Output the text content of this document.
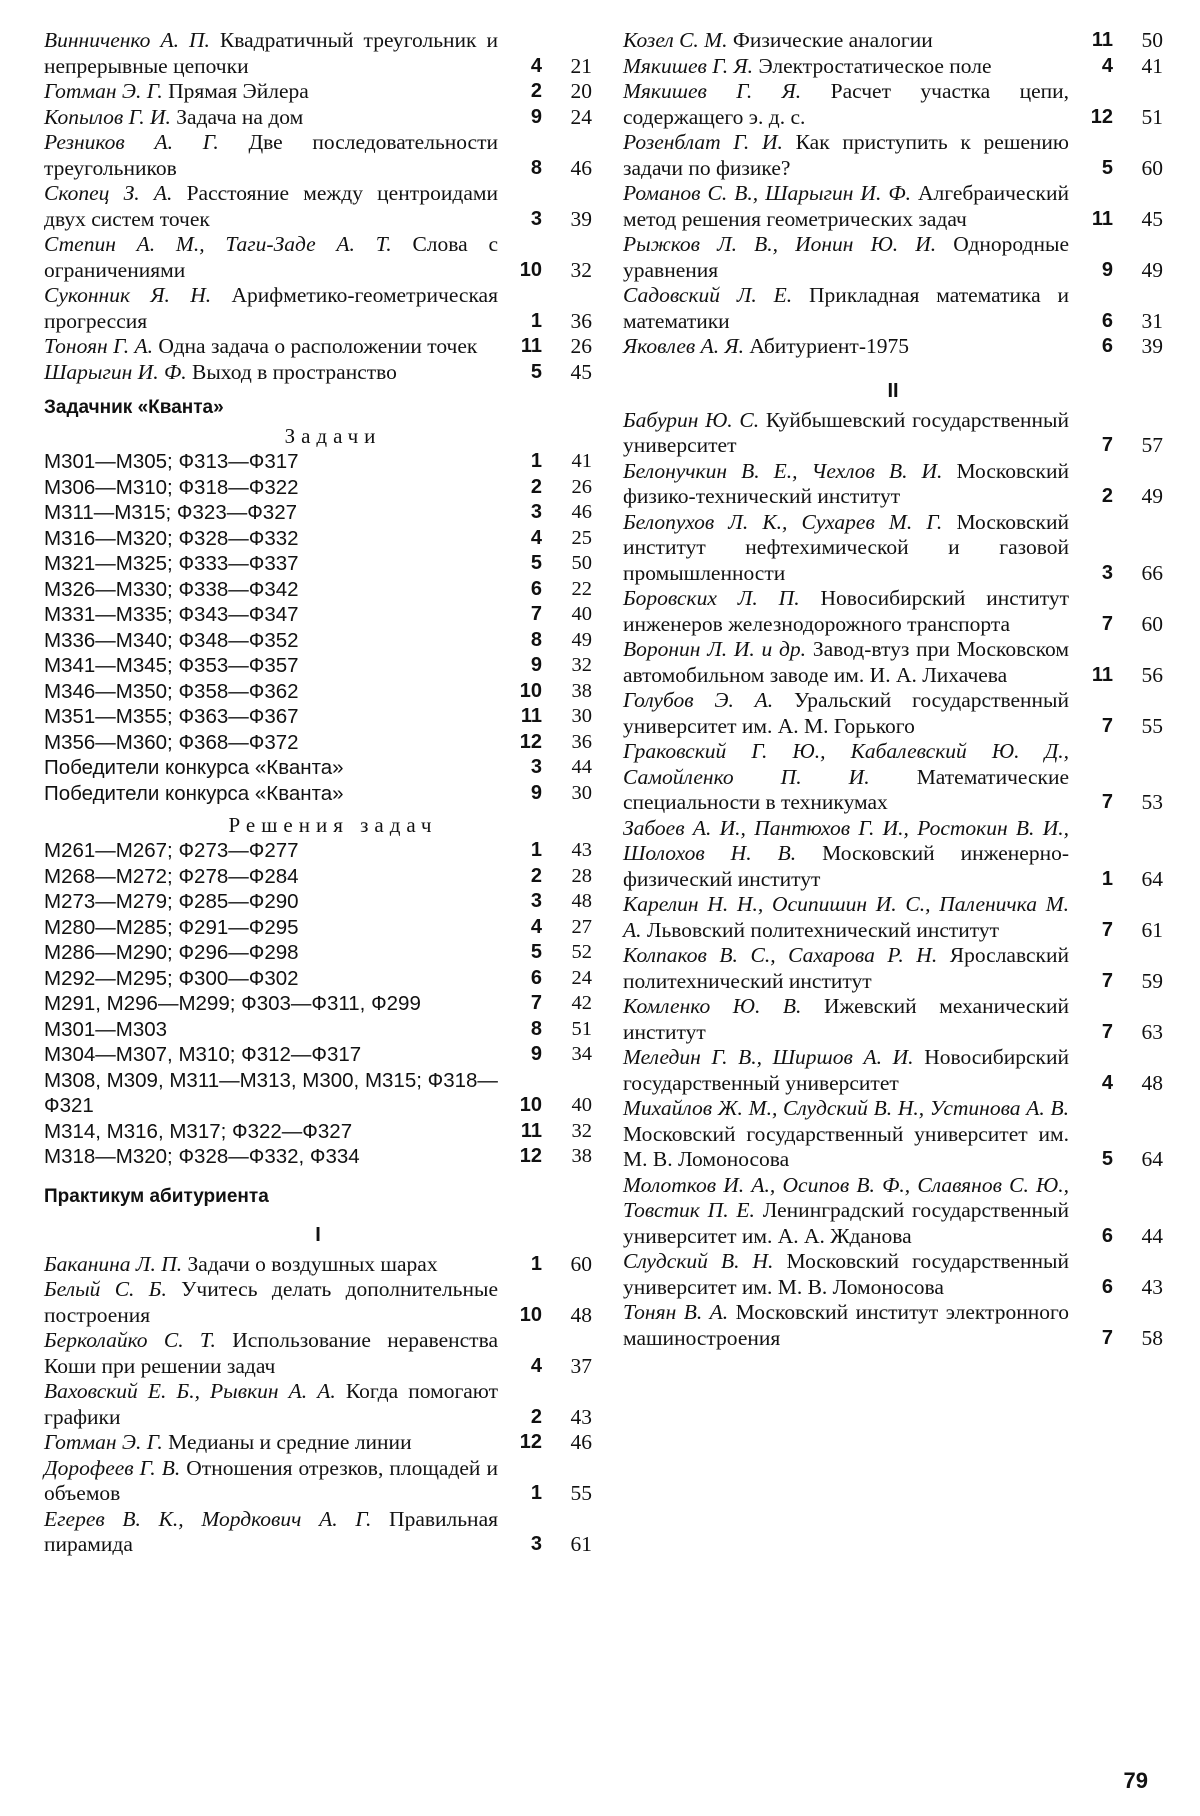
Винниченко А. П. Квадратичный треугольник и непрерывные цепочки	4	21
Готман Э. Г. Прямая Эйлера	2	20
Копылов Г. И. Задача на дом	9	24
Резников А. Г. Две последовательности треугольников	8	46
Скопец З. А. Расстояние между центроидами двух систем точек	3	39
Степин А. М., Таги-Заде А. Т. Слова с ограничениями	10	32
Суконник Я. Н. Арифметико-геометрическая прогрессия	1	36
Тоноян Г. А. Одна задача о расположении точек	11	26
Шарыгин И. Ф. Выход в пространство	5	45
Задачник «Кванта»
Задачи
М301—М305; Ф313—Ф317	1	41
М306—М310; Ф318—Ф322	2	26
М311—М315; Ф323—Ф327	3	46
М316—М320; Ф328—Ф332	4	25
М321—М325; Ф333—Ф337	5	50
М326—М330; Ф338—Ф342	6	22
М331—М335; Ф343—Ф347	7	40
М336—М340; Ф348—Ф352	8	49
М341—М345; Ф353—Ф357	9	32
М346—М350; Ф358—Ф362	10	38
М351—М355; Ф363—Ф367	11	30
М356—М360; Ф368—Ф372	12	36
Победители конкурса «Кванта»	3	44
Победители конкурса «Кванта»	9	30
Решения задач
М261—М267; Ф273—Ф277	1	43
М268—М272; Ф278—Ф284	2	28
М273—М279; Ф285—Ф290	3	48
М280—М285; Ф291—Ф295	4	27
М286—М290; Ф296—Ф298	5	52
М292—М295; Ф300—Ф302	6	24
М291, М296—М299; Ф303—Ф311, Ф299	7	42
М301—М303	8	51
М304—М307, М310; Ф312—Ф317	9	34
М308, М309, М311—М313, М300, М315; Ф318—Ф321	10	40
М314, М316, М317; Ф322—Ф327	11	32
М318—М320; Ф328—Ф332, Ф334	12	38
Практикум абитуриента
I
Баканина Л. П. Задачи о воздушных шарах	1	60
Белый С. Б. Учитесь делать дополнительные построения	10	48
Берколайко С. Т. Использование неравенства Коши при решении задач	4	37
Ваховский Е. Б., Рывкин А. А. Когда помогают графики	2	43
Готман Э. Г. Медианы и средние линии	12	46
Дорофеев Г. В. Отношения отрезков, площадей и объемов	1	55
Егерев В. К., Мордкович А. Г. Правильная пирамида	3	61
Козел С. М. Физические аналогии	11	50
Мякишев Г. Я. Электростатическое поле	4	41
Мякишев Г. Я. Расчет участка цепи, содержащего э. д. с.	12	51
Розенблат Г. И. Как приступить к решению задачи по физике?	5	60
Романов С. В., Шарыгин И. Ф. Алгебраический метод решения геометрических задач	11	45
Рыжков Л. В., Ионин Ю. И. Однородные уравнения	9	49
Садовский Л. Е. Прикладная математика и математики	6	31
Яковлев А. Я. Абитуриент-1975	6	39
II
Бабурин Ю. С. Куйбышевский государственный университет	7	57
Белонучкин В. Е., Чехлов В. И. Московский физико-технический институт	2	49
Белопухов Л. К., Сухарев М. Г. Московский институт нефтехимической и газовой промышленности	3	66
Боровских Л. П. Новосибирский институт инженеров железнодорожного транспорта	7	60
Воронин Л. И. и др. Завод-втуз при Московском автомобильном заводе им. И. А. Лихачева	11	56
Голубов Э. А. Уральский государственный университет им. А. М. Горького	7	55
Граковский Г. Ю., Кабалевский Ю. Д., Самойленко П. И. Математические специальности в техникумах	7	53
Забоев А. И., Пантюхов Г. И., Ростокин В. И., Шолохов Н. В. Московский инженерно-физический институт	1	64
Карелин Н. Н., Осипишин И. С., Паленичка М. А. Львовский политехнический институт	7	61
Колпаков В. С., Сахарова Р. Н. Ярославский политехнический институт	7	59
Комленко Ю. В. Ижевский механический институт	7	63
Меледин Г. В., Ширшов А. И. Новосибирский государственный университет	4	48
Михайлов Ж. М., Слудский В. Н., Устинова А. В. Московский государственный университет им. М. В. Ломоносова	5	64
Молотков И. А., Осипов В. Ф., Славянов С. Ю., Товстик П. Е. Ленинградский государственный университет им. А. А. Жданова	6	44
Слудский В. Н. Московский государственный университет им. М. В. Ломоносова	6	43
Тонян В. А. Московский институт электронного машиностроения	7	58
79
